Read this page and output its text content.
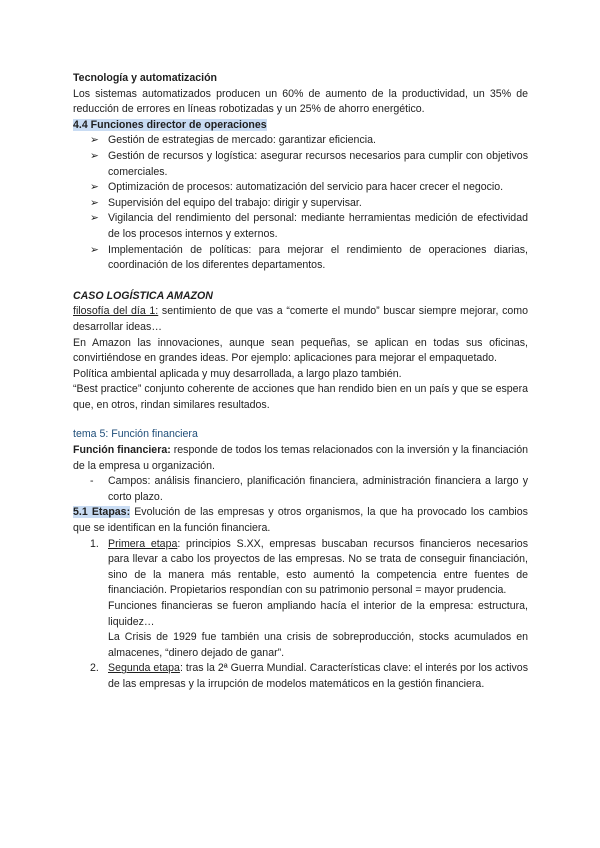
Tecnología y automatización

Los sistemas automatizados producen un 60% de aumento de la productividad, un 35% de reducción de errores en líneas robotizadas y un 25% de ahorro energético.

4.4 Funciones director de operaciones

➢ Gestión de estrategias de mercado: garantizar eficiencia.
➢ Gestión de recursos y logística: asegurar recursos necesarios para cumplir con objetivos comerciales.
➢ Optimización de procesos: automatización del servicio para hacer crecer el negocio.
➢ Supervisión del equipo del trabajo: dirigir y supervisar.
➢ Vigilancia del rendimiento del personal: mediante herramientas medición de efectividad de los procesos internos y externos.
➢ Implementación de políticas: para mejorar el rendimiento de operaciones diarias, coordinación de los diferentes departamentos.

CASO LOGÍSTICA AMAZON

filosofía del día 1: sentimiento de que vas a “comerte el mundo” buscar siempre mejorar, como desarrollar ideas…

En Amazon las innovaciones, aunque sean pequeñas, se aplican en todas sus oficinas, convirtiéndose en grandes ideas. Por ejemplo: aplicaciones para mejorar el empaquetado.

Política ambiental aplicada y muy desarrollada, a largo plazo también.

“Best practice” conjunto coherente de acciones que han rendido bien en un país y que se espera que, en otros, rindan similares resultados.

tema 5: Función financiera

Función financiera: responde de todos los temas relacionados con la inversión y la financiación de la empresa u organización.

- Campos: análisis financiero, planificación financiera, administración financiera a largo y corto plazo.

5.1 Etapas: Evolución de las empresas y otros organismos, la que ha provocado los cambios que se identifican en la función financiera.

1. Primera etapa: principios S.XX, empresas buscaban recursos financieros necesarios para llevar a cabo los proyectos de las empresas. No se trata de conseguir financiación, sino de la manera más rentable, esto aumentó la competencia entre fuentes de financiación. Propietarios respondían con su patrimonio personal = mayor prudencia.

Funciones financieras se fueron ampliando hacía el interior de la empresa: estructura, liquidez…

La Crisis de 1929 fue también una crisis de sobreproducción, stocks acumulados en almacenes, “dinero dejado de ganar”.

2. Segunda etapa: tras la 2ª Guerra Mundial. Características clave: el interés por los activos de las empresas y la irrupción de modelos matemáticos en la gestión financiera.
